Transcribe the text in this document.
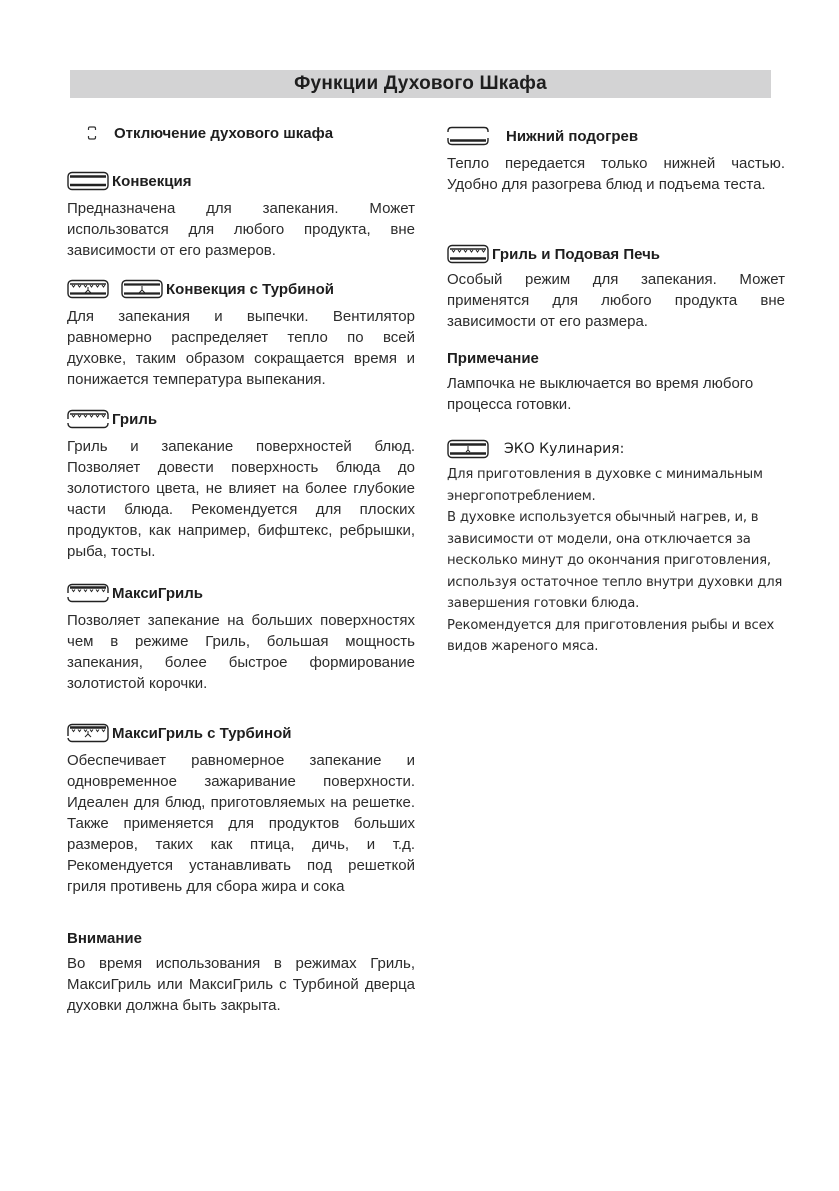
Функции Духового Шкафа
Отключение духового шкафа
Конвекция
Предназначена для запекания. Может использоватся для любого продукта, вне зависимости от его размеров.
Конвекция с Турбиной
Для запекания и выпечки. Вентилятор равномерно распределяет тепло по всей духовке, таким образом сокращается время и понижается температура выпекания.
Гриль
Гриль и запекание поверхностей блюд. Позволяет довести поверхность блюда до золотистого цвета, не влияет на более глубокие части блюда. Рекомендуется для плоских продуктов, как например, бифштекс, ребрышки, рыба, тосты.
МаксиГриль
Позволяет запекание на больших поверхностях чем в режиме Гриль, большая мощность запекания, более быстрое формирование золотистой корочки.
МаксиГриль с Турбиной
Обеспечивает равномерное запекание и одновременное зажаривание поверхности. Идеален для блюд, приготовляемых на решетке. Также применяется для продуктов больших размеров, таких как птица, дичь, и т.д. Рекомендуется устанавливать под решеткой гриля противень для сбора жира и сока
Внимание
Во время использования в режимах Гриль, МаксиГриль или МаксиГриль с Турбиной дверца духовки должна быть закрыта.
Нижний подогрев
Тепло передается только нижней частью. Удобно для разогрева блюд и подъема теста.
Гриль и Подовая Печь
Особый режим для запекания. Может применятся для любого продукта вне зависимости от его размера.
Примечание
Лампочка не выключается во время любого процесса готовки.
ЭКО Кулинария:
Для приготовления в духовке с минимальным энергопотреблением.
В духовке используется обычный нагрев, и, в зависимости от модели, она отключается за несколько минут до окончания приготовления, используя остаточное тепло внутри духовки для завершения готовки блюда.
Рекомендуется для приготовления рыбы и всех видов жареного мяса.
